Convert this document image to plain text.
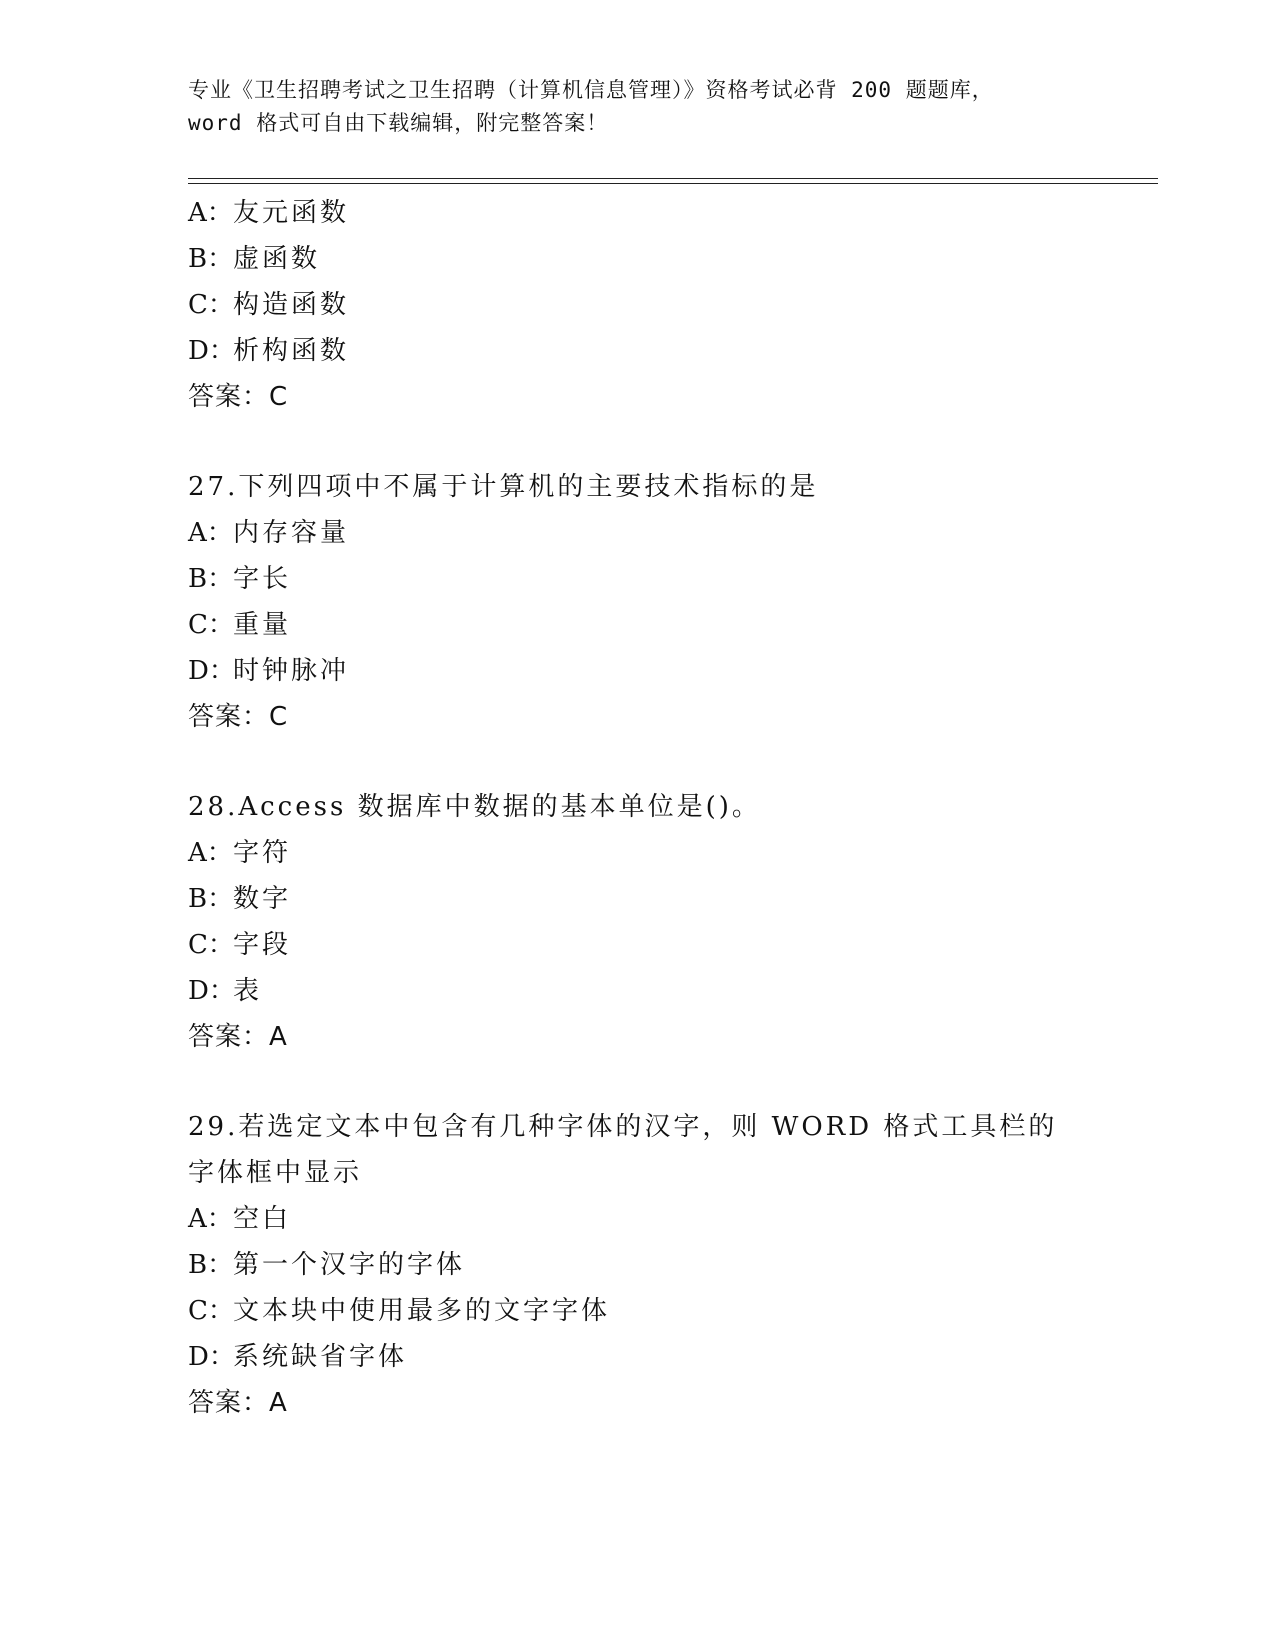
专业《卫生招聘考试之卫生招聘（计算机信息管理）》资格考试必背 200 题题库，
word 格式可自由下载编辑，附完整答案！
A：友元函数
B：虚函数
C：构造函数
D：析构函数
答案：C
27.下列四项中不属于计算机的主要技术指标的是
A：内存容量
B：字长
C：重量
D：时钟脉冲
答案：C
28.Access 数据库中数据的基本单位是()。
A：字符
B：数字
C：字段
D：表
答案：A
29.若选定文本中包含有几种字体的汉字，则 WORD 格式工具栏的字体框中显示
A：空白
B：第一个汉字的字体
C：文本块中使用最多的文字字体
D：系统缺省字体
答案：A
